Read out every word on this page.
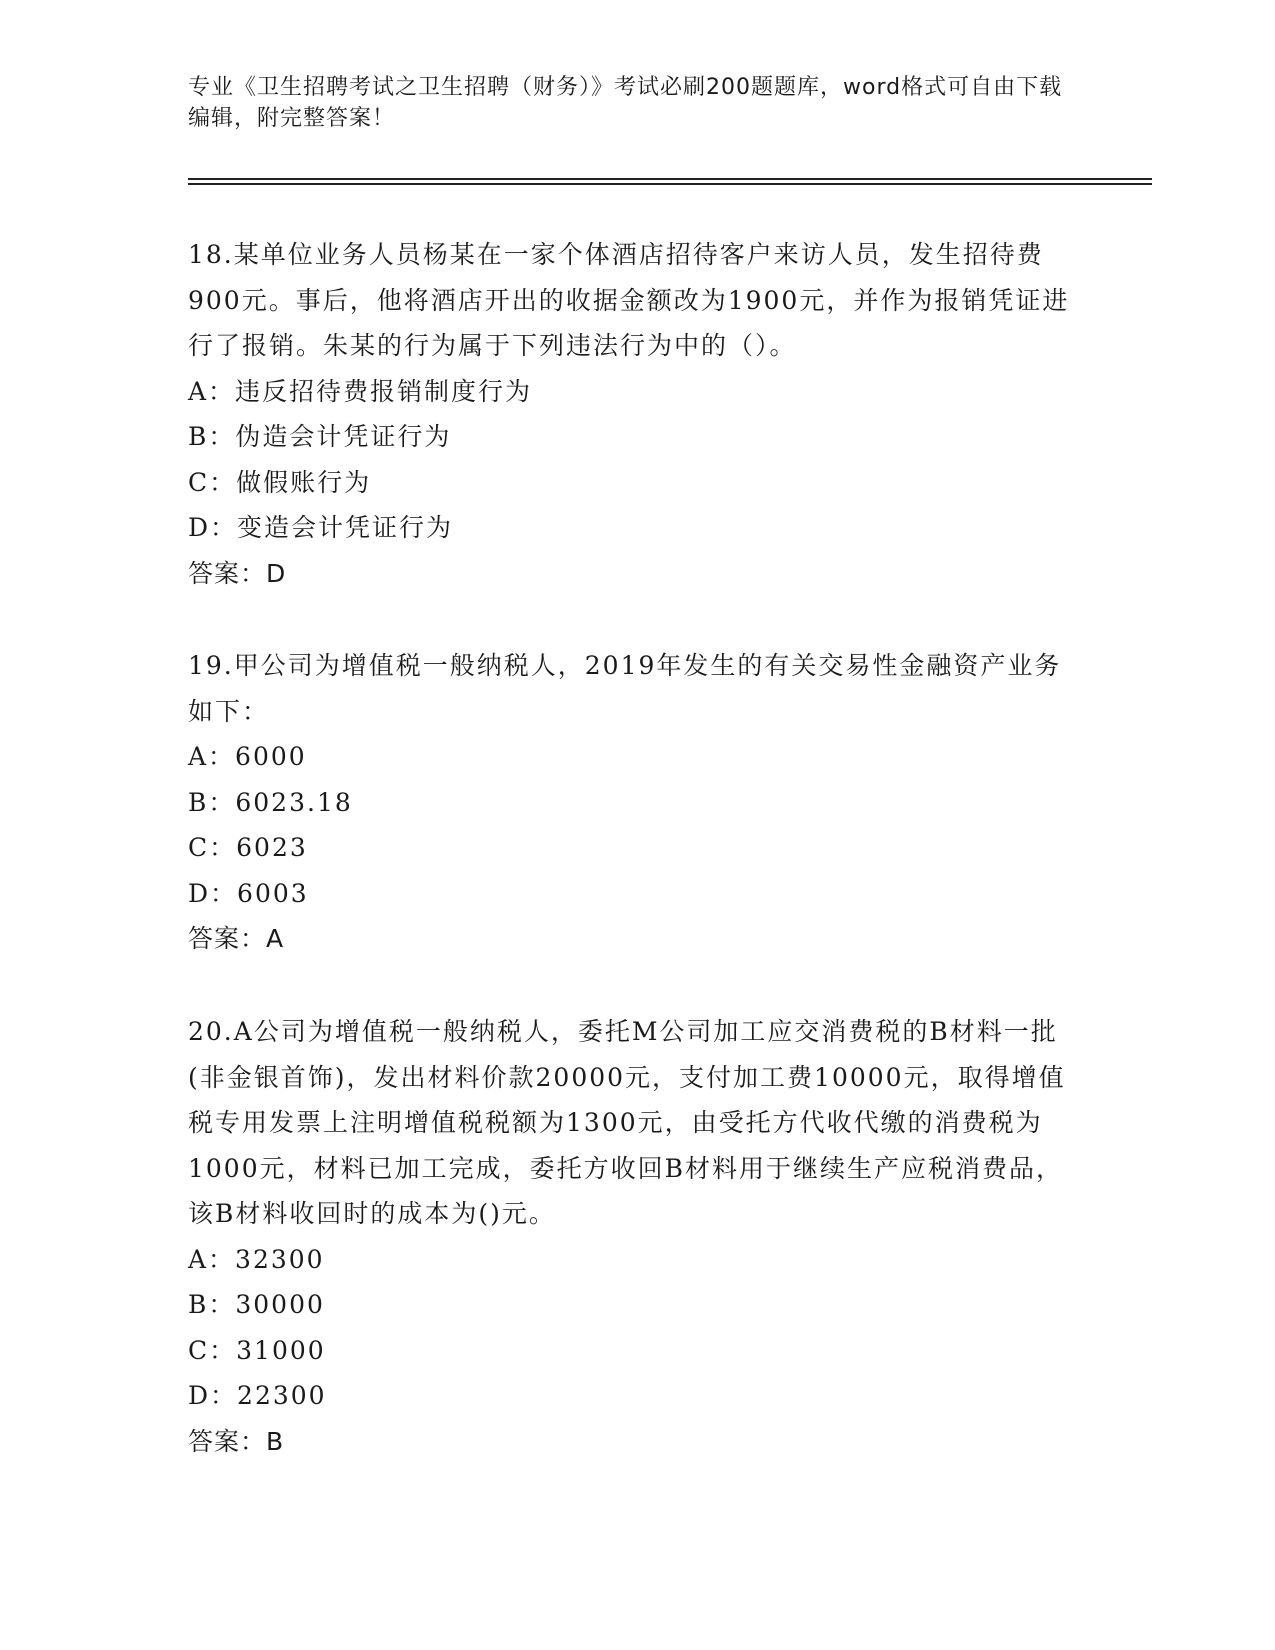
专业《卫生招聘考试之卫生招聘（财务）》考试必刷200题题库，word格式可自由下载编辑，附完整答案！

18.某单位业务人员杨某在一家个体酒店招待客户来访人员，发生招待费900元。事后，他将酒店开出的收据金额改为1900元，并作为报销凭证进行了报销。朱某的行为属于下列违法行为中的（）。

A：违反招待费报销制度行为

B：伪造会计凭证行为

C：做假账行为

D：变造会计凭证行为

答案：D

19.甲公司为增值税一般纳税人，2019年发生的有关交易性金融资产业务如下：

A：6000

B：6023.18

C：6023

D：6003

答案：A

20.A公司为增值税一般纳税人，委托M公司加工应交消费税的B材料一批(非金银首饰)，发出材料价款20000元，支付加工费10000元，取得增值税专用发票上注明增值税税额为1300元，由受托方代收代缴的消费税为1000元，材料已加工完成，委托方收回B材料用于继续生产应税消费品，该B材料收回时的成本为()元。

A：32300

B：30000

C：31000

D：22300

答案：B
